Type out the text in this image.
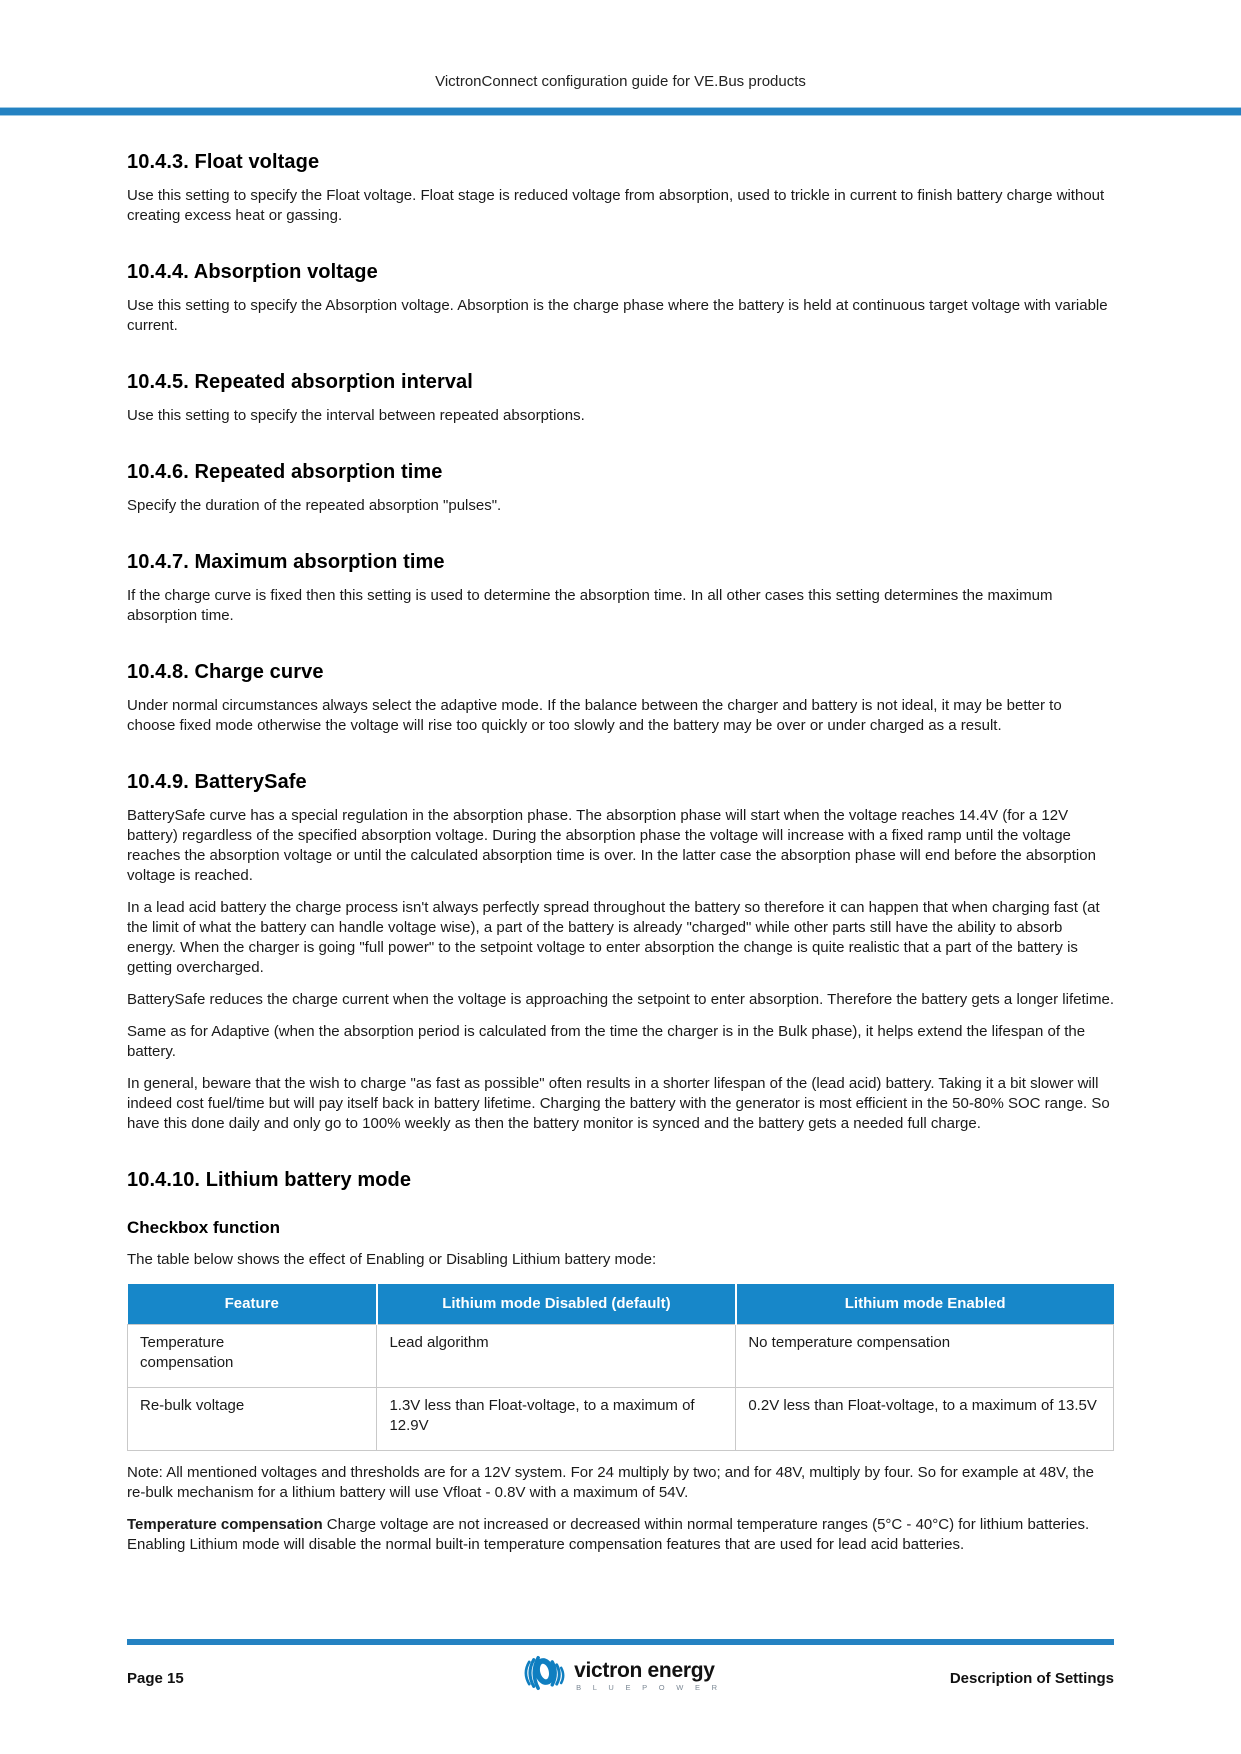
VictronConnect configuration guide for VE.Bus products
10.4.3. Float voltage

Use this setting to specify the Float voltage. Float stage is reduced voltage from absorption, used to trickle in current to finish battery charge without creating excess heat or gassing.

10.4.4. Absorption voltage

Use this setting to specify the Absorption voltage. Absorption is the charge phase where the battery is held at continuous target voltage with variable current.

10.4.5. Repeated absorption interval

Use this setting to specify the interval between repeated absorptions.

10.4.6. Repeated absorption time

Specify the duration of the repeated absorption "pulses".

10.4.7. Maximum absorption time

If the charge curve is fixed then this setting is used to determine the absorption time. In all other cases this setting determines the maximum absorption time.

10.4.8. Charge curve

Under normal circumstances always select the adaptive mode. If the balance between the charger and battery is not ideal, it may be better to choose fixed mode otherwise the voltage will rise too quickly or too slowly and the battery may be over or under charged as a result.

10.4.9. BatterySafe

BatterySafe curve has a special regulation in the absorption phase. The absorption phase will start when the voltage reaches 14.4V (for a 12V battery) regardless of the specified absorption voltage. During the absorption phase the voltage will increase with a fixed ramp until the voltage reaches the absorption voltage or until the calculated absorption time is over. In the latter case the absorption phase will end before the absorption voltage is reached.

In a lead acid battery the charge process isn't always perfectly spread throughout the battery so therefore it can happen that when charging fast (at the limit of what the battery can handle voltage wise), a part of the battery is already "charged" while other parts still have the ability to absorb energy. When the charger is going "full power" to the setpoint voltage to enter absorption the change is quite realistic that a part of the battery is getting overcharged.

BatterySafe reduces the charge current when the voltage is approaching the setpoint to enter absorption. Therefore the battery gets a longer lifetime.

Same as for Adaptive (when the absorption period is calculated from the time the charger is in the Bulk phase), it helps extend the lifespan of the battery.

In general, beware that the wish to charge "as fast as possible" often results in a shorter lifespan of the (lead acid) battery. Taking it a bit slower will indeed cost fuel/time but will pay itself back in battery lifetime. Charging the battery with the generator is most efficient in the 50-80% SOC range. So have this done daily and only go to 100% weekly as then the battery monitor is synced and the battery gets a needed full charge.

10.4.10. Lithium battery mode
Checkbox function

The table below shows the effect of Enabling or Disabling Lithium battery mode:

Feature	Lithium mode Disabled (default)	Lithium mode Enabled
Temperature compensation	Lead algorithm	No temperature compensation
Re-bulk voltage	1.3V less than Float-voltage, to a maximum of 12.9V	0.2V less than Float-voltage, to a maximum of 13.5V

Note: All mentioned voltages and thresholds are for a 12V system. For 24 multiply by two; and for 48V, multiply by four. So for example at 48V, the re-bulk mechanism for a lithium battery will use Vfloat - 0.8V with a maximum of 54V.

Temperature compensation Charge voltage are not increased or decreased within normal temperature ranges (5°C - 40°C) for lithium batteries. Enabling Lithium mode will disable the normal built-in temperature compensation features that are used for lead acid batteries.

Page 15	victron energy
B L U E P O W E R
Description of Settings
